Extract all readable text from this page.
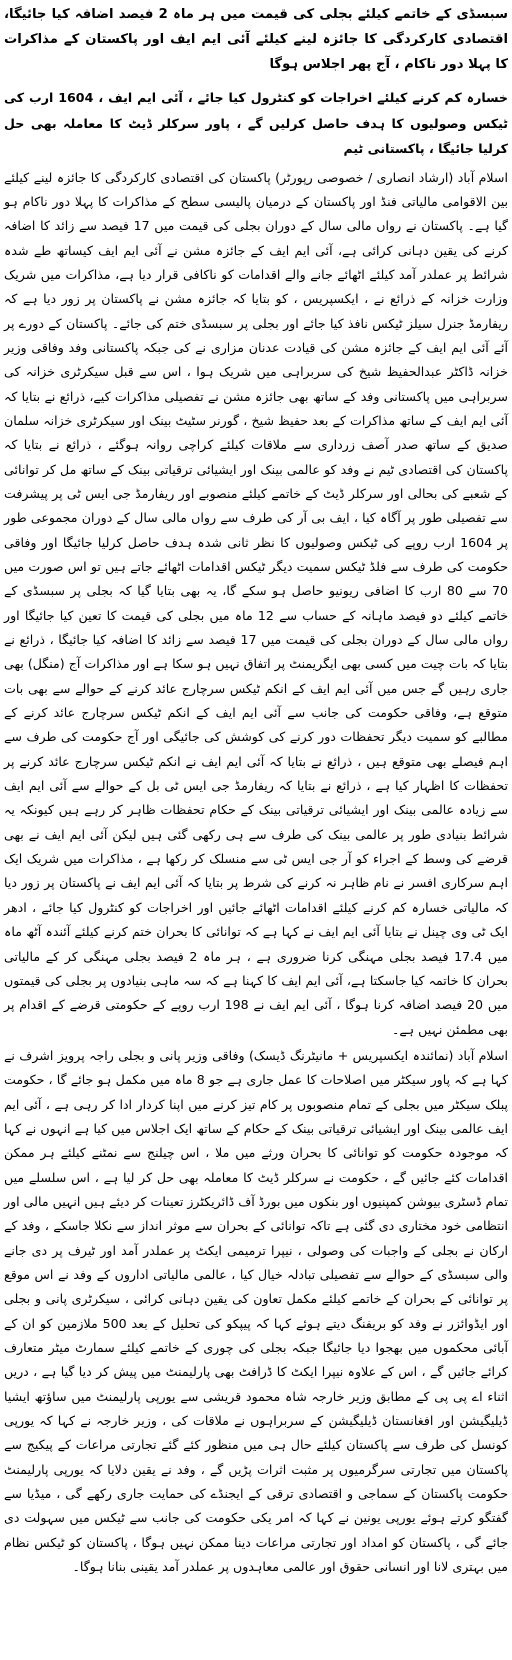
سبسڈی کے خاتمے کیلئے بجلی کی قیمت میں ہر ماہ 2 فیصد اضافہ کیا جائیگا، اقتصادی کارکردگی کا جائزہ لینے کیلئے آئی ایم ایف اور پاکستان کے مذاکرات کا پہلا دور ناکام ، آج پھر اجلاس ہوگا
خسارہ کم کرنے کیلئے اخراجات کو کنٹرول کیا جائے ، آئی ایم ایف ، 1604 ارب کی ٹیکس وصولیوں کا ہدف حاصل کرلیں گے ، پاور سرکلر ڈیٹ کا معاملہ بھی حل کرلیا جائیگا ، پاکستانی ٹیم

اسلام آباد (ارشاد انصاری / خصوصی رپورٹر) پاکستان کی اقتصادی کارکردگی کا جائزہ لینے کیلئے بین الاقوامی مالیاتی فنڈ اور پاکستان کے درمیان پالیسی سطح کے مذاکرات کا پہلا دور ناکام ہو گیا ہے۔ پاکستان نے رواں مالی سال کے دوران بجلی کی قیمت میں 17 فیصد سے زائد کا اضافہ کرنے کی یقین دہانی کرائی ہے، آئی ایم ایف کے جائزہ مشن نے آئی ایم ایف کیساتھ طے شدہ شرائط پر عملدر آمد کیلئے اٹھائے جانے والے اقدامات کو ناکافی قرار دیا ہے، مذاکرات میں شریک وزارت خزانہ کے ذرائع نے ، ایکسپریس ، کو بتایا کہ جائزہ مشن نے پاکستان پر زور دیا ہے کہ ریفارمڈ جنرل سیلز ٹیکس نافذ کیا جائے اور بجلی پر سبسڈی ختم کی جائے۔ پاکستان کے دورے پر آئے آئی ایم ایف کے جائزہ مشن کی قیادت عدنان مزاری نے کی جبکہ پاکستانی وفد وفاقی وزیر خزانہ ڈاکٹر عبدالحفیظ شیخ کی سربراہی میں شریک ہوا ، اس سے قبل سیکرٹری خزانہ کی سربراہی میں پاکستانی وفد کے ساتھ بھی جائزہ مشن نے تفصیلی مذاکرات کیے، ذرائع نے بتایا کہ آئی ایم ایف کے ساتھ مذاکرات کے بعد حفیظ شیخ ، گورنر سٹیٹ بینک اور سیکرٹری خزانہ سلمان صدیق کے ساتھ صدر آصف زرداری سے ملاقات کیلئے کراچی روانہ ہوگئے ، ذرائع نے بتایا کہ پاکستان کی اقتصادی ٹیم نے وفد کو عالمی بینک اور ایشیائی ترقیاتی بینک کے ساتھ مل کر توانائی کے شعبے کی بحالی اور سرکلر ڈیٹ کے خاتمے کیلئے منصوبے اور ریفارمڈ جی ایس ٹی پر پیشرفت سے تفصیلی طور پر آگاہ کیا ، ایف بی آر کی طرف سے رواں مالی سال کے دوران مجموعی طور پر 1604 ارب روپے کی ٹیکس وصولیوں کا نظر ثانی شدہ ہدف حاصل کرلیا جائیگا اور وفاقی حکومت کی طرف سے فلڈ ٹیکس سمیت دیگر ٹیکس اقدامات اٹھائے جاتے ہیں تو اس صورت میں 70 سے 80 ارب کا اضافی ریونیو حاصل ہو سکے گا، یہ بھی بتایا گیا کہ بجلی پر سبسڈی کے خاتمے کیلئے دو فیصد ماہانہ کے حساب سے 12 ماہ میں بجلی کی قیمت کا تعین کیا جائیگا اور رواں مالی سال کے دوران بجلی کی قیمت میں 17 فیصد سے زائد کا اضافہ کیا جائیگا ، ذرائع نے بتایا کہ بات چیت میں کسی بھی ایگریمنٹ پر اتفاق نہیں ہو سکا ہے اور مذاکرات آج (منگل) بھی جاری رہیں گے جس میں آئی ایم ایف کے انکم ٹیکس سرچارج عائد کرنے کے حوالے سے بھی بات متوقع ہے، وفاقی حکومت کی جانب سے آئی ایم ایف کے انکم ٹیکس سرچارج عائد کرنے کے مطالبے کو سمیت دیگر تحفظات دور کرنے کی کوشش کی جائیگی اور آج حکومت کی طرف سے اہم فیصلے بھی متوقع ہیں ، ذرائع نے بتایا کہ آئی ایم ایف نے انکم ٹیکس سرچارج عائد کرنے پر تحفظات کا اظہار کیا ہے ، ذرائع نے بتایا کہ ریفارمڈ جی ایس ٹی بل کے حوالے سے آئی ایم ایف سے زیادہ عالمی بینک اور ایشیائی ترقیاتی بینک کے حکام تحفظات ظاہر کر رہے ہیں کیونکہ یہ شرائط بنیادی طور پر عالمی بینک کی طرف سے ہی رکھی گئی ہیں لیکن آئی ایم ایف نے بھی قرضے کی وسط کے اجراء کو آر جی ایس ٹی سے منسلک کر رکھا ہے ، مذاکرات میں شریک ایک اہم سرکاری افسر نے نام ظاہر نہ کرنے کی شرط پر بتایا کہ آئی ایم ایف نے پاکستان پر زور دیا کہ مالیاتی خسارہ کم کرنے کیلئے اقدامات اٹھائے جائیں اور اخراجات کو کنٹرول کیا جائے ، ادھر ایک ٹی وی چینل نے بتایا آئی ایم ایف نے کہا ہے کہ توانائی کا بحران ختم کرنے کیلئے آئندہ آٹھ ماہ میں 17.4 فیصد بجلی مہنگی کرنا ضروری ہے ، ہر ماہ 2 فیصد بجلی مہنگی کر کے مالیاتی بحران کا خاتمہ کیا جاسکتا ہے، آئی ایم ایف کا کہنا ہے کہ سہ ماہی بنیادوں پر بجلی کی قیمتوں میں 20 فیصد اضافہ کرنا ہوگا ، آئی ایم ایف نے 198 ارب روپے کے حکومتی قرضے کے اقدام پر بھی مطمئن نہیں ہے۔

اسلام آباد (نمائندہ ایکسپریس + مانیٹرنگ ڈیسک) وفاقی وزیر پانی و بجلی راجہ پرویز اشرف نے کہا ہے کہ پاور سیکٹر میں اصلاحات کا عمل جاری ہے جو 8 ماہ میں مکمل ہو جائے گا ، حکومت پبلک سیکٹر میں بجلی کے تمام منصوبوں پر کام تیز کرنے میں اپنا کردار ادا کر رہی ہے ، آئی ایم ایف عالمی بینک اور ایشیائی ترقیاتی بینک کے حکام کے ساتھ ایک اجلاس میں کیا ہے انہوں نے کہا کہ موجودہ حکومت کو توانائی کا بحران ورثے میں ملا ، اس چیلنج سے نمٹنے کیلئے ہر ممکن اقدامات کئے جائیں گے ، حکومت نے سرکلر ڈیٹ کا معاملہ بھی حل کر لیا ہے ، اس سلسلے میں تمام ڈسٹری بیوشن کمپنیوں اور بنکوں میں بورڈ آف ڈائریکٹرز تعینات کر دیئے ہیں انہیں مالی اور انتظامی خود مختاری دی گئی ہے تاکہ توانائی کے بحران سے موثر انداز سے نکلا جاسکے ، وفد کے ارکان نے بجلی کے واجبات کی وصولی ، نیپرا ترمیمی ایکٹ پر عملدر آمد اور ٹیرف پر دی جانے والی سبسڈی کے حوالے سے تفصیلی تبادلہ خیال کیا ، عالمی مالیاتی اداروں کے وفد نے اس موقع پر توانائی کے بحران کے خاتمے کیلئے مکمل تعاون کی یقین دہانی کرائی ، سیکرٹری پانی و بجلی اور ایڈوائزر نے وفد کو بریفنگ دیتے ہوئے کہا کہ پیپکو کی تحلیل کے بعد 500 ملازمین کو ان کے آبائی محکموں میں بھجوا دیا جائیگا جبکہ بجلی کی چوری کے خاتمے کیلئے سمارٹ میٹر متعارف کرائے جائیں گے ، اس کے علاوہ نیپرا ایکٹ کا ڈرافٹ بھی پارلیمنٹ میں پیش کر دیا گیا ہے ، دریں اثناء اے پی پی کے مطابق وزیر خارجہ شاہ محمود قریشی سے یورپی پارلیمنٹ میں ساؤتھ ایشیا ڈیلیگیشن اور افغانستان ڈیلیگیشن کے سربراہوں نے ملاقات کی ، وزیر خارجہ نے کہا کہ یورپی کونسل کی طرف سے پاکستان کیلئے حال ہی میں منظور کئے گئے تجارتی مراعات کے پیکیج سے پاکستان میں تجارتی سرگرمیوں پر مثبت اثرات پڑیں گے ، وفد نے یقین دلایا کہ یورپی پارلیمنٹ حکومت پاکستان کے سماجی و اقتصادی ترقی کے ایجنڈے کی حمایت جاری رکھے گی ، میڈیا سے گفتگو کرتے ہوئے یورپی یونین نے کہا کہ امر یکی حکومت کی جانب سے ٹیکس میں سہولت دی جائے گی ، پاکستان کو امداد اور تجارتی مراعات دینا ممکن نہیں ہوگا ، پاکستان کو ٹیکس نظام میں بہتری لانا اور انسانی حقوق اور عالمی معاہدوں پر عملدر آمد یقینی بنانا ہوگا۔
